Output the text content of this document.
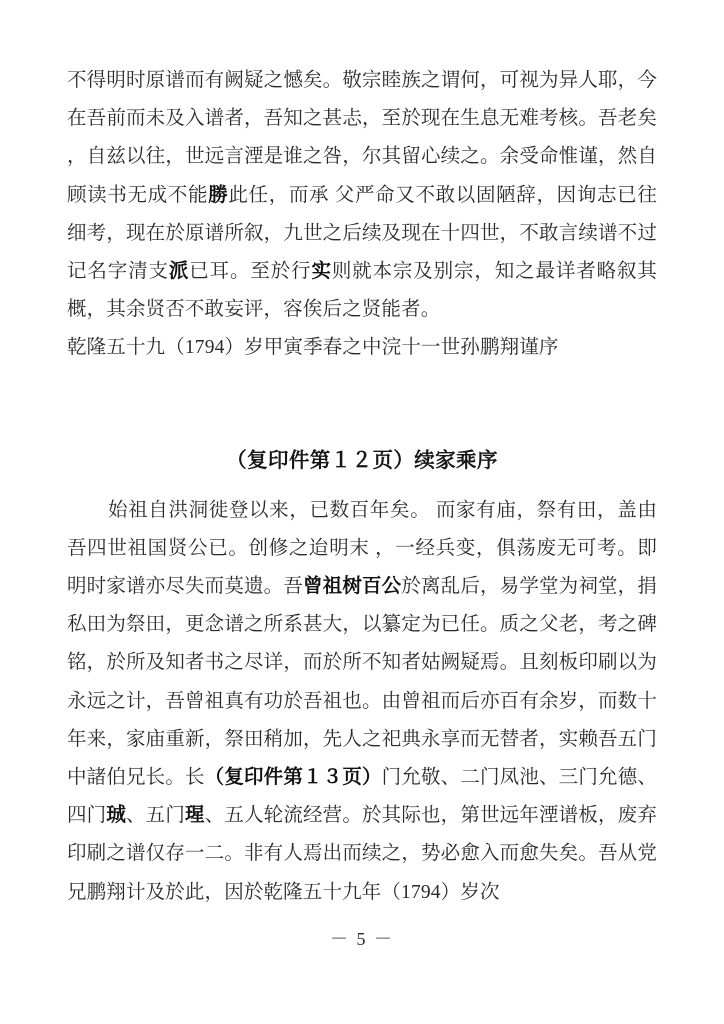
不得明时原谱而有阙疑之憾矣。敬宗睦族之谓何，可视为异人耶，今在吾前而未及入谱者，吾知之甚忐，至於现在生息无难考核。吾老矣 ，自兹以往，世远言湮是谁之咎，尔其留心续之。余受命惟谨，然自顾读书无成不能勝此任，而承 父严命又不敢以固陋辞，因询志已往细考，现在於原谱所叙，九世之后续及现在十四世，不敢言续谱不过记名字清支派已耳。至於行实则就本宗及别宗，知之最详者略叙其概，其余贤否不敢妄评，容俟后之贤能者。

乾隆五十九（1794）岁甲寅季春之中浣十一世孙鹏翔谨序

（复印件第１２页）续家乘序

始祖自洪洞徙登以来，已数百年矣。 而家有庙，祭有田，盖由吾四世祖国贤公已。创修之迨明末 ，一经兵变，俱荡废无可考。即明时家谱亦尽失而莫遗。吾曾祖树百公於离乱后，易学堂为祠堂，捐私田为祭田，更念谱之所系甚大，以纂定为已任。质之父老，考之碑铭，於所及知者书之尽详，而於所不知者姑阙疑焉。且刻板印刷以为永远之计，吾曾祖真有功於吾祖也。由曾祖而后亦百有余岁，而数十年来，家庙重新，祭田稍加，先人之祀典永享而无替者，实赖吾五门中諸伯兄长。长（复印件第１３页）门允敬、二门凤池、三门允德、四门珹、五门瑆、五人轮流经营。於其际也，第世远年湮谱板，废弃印刷之谱仅存一二。非有人焉出而续之，势必愈入而愈失矣。吾从党兄鹏翔计及於此，因於乾隆五十九年（1794）岁次

－ 5 －
